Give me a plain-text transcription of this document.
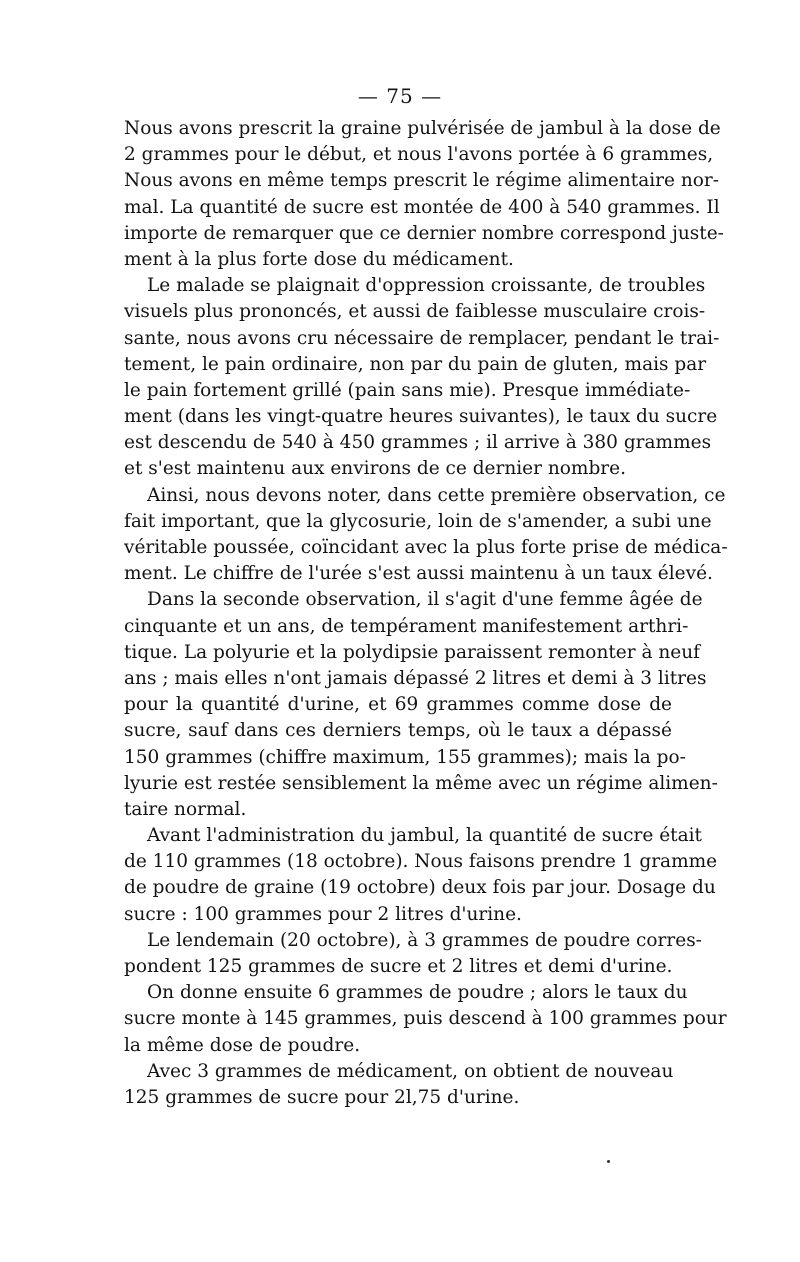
— 75 —
Nous avons prescrit la graine pulvérisée de jambul à la dose de
2 grammes pour le début, et nous l'avons portée à 6 grammes,
Nous avons en même temps prescrit le régime alimentaire nor-
mal. La quantité de sucre est montée de 400 à 540 grammes. Il
importe de remarquer que ce dernier nombre correspond juste-
ment à la plus forte dose du médicament.
Le malade se plaignait d'oppression croissante, de troubles
visuels plus prononcés, et aussi de faiblesse musculaire crois-
sante, nous avons cru nécessaire de remplacer, pendant le trai-
tement, le pain ordinaire, non par du pain de gluten, mais par
le pain fortement grillé (pain sans mie). Presque immédiate-
ment (dans les vingt-quatre heures suivantes), le taux du sucre
est descendu de 540 à 450 grammes ; il arrive à 380 grammes
et s'est maintenu aux environs de ce dernier nombre.
Ainsi, nous devons noter, dans cette première observation, ce
fait important, que la glycosurie, loin de s'amender, a subi une
véritable poussée, coïncidant avec la plus forte prise de médica-
ment. Le chiffre de l'urée s'est aussi maintenu à un taux élevé.
Dans la seconde observation, il s'agit d'une femme âgée de
cinquante et un ans, de tempérament manifestement arthri-
tique. La polyurie et la polydipsie paraissent remonter à neuf
ans ; mais elles n'ont jamais dépassé 2 litres et demi à 3 litres
pour la quantité d'urine, et 69 grammes comme dose de
sucre, sauf dans ces derniers temps, où le taux a dépassé
150 grammes (chiffre maximum, 155 grammes); mais la po-
lyurie est restée sensiblement la même avec un régime alimen-
taire normal.
Avant l'administration du jambul, la quantité de sucre était
de 110 grammes (18 octobre). Nous faisons prendre 1 gramme
de poudre de graine (19 octobre) deux fois par jour. Dosage du
sucre : 100 grammes pour 2 litres d'urine.
Le lendemain (20 octobre), à 3 grammes de poudre corres-
pondent 125 grammes de sucre et 2 litres et demi d'urine.
On donne ensuite 6 grammes de poudre ; alors le taux du
sucre monte à 145 grammes, puis descend à 100 grammes pour
la même dose de poudre.
Avec 3 grammes de médicament, on obtient de nouveau
125 grammes de sucre pour 2l,75 d'urine.
